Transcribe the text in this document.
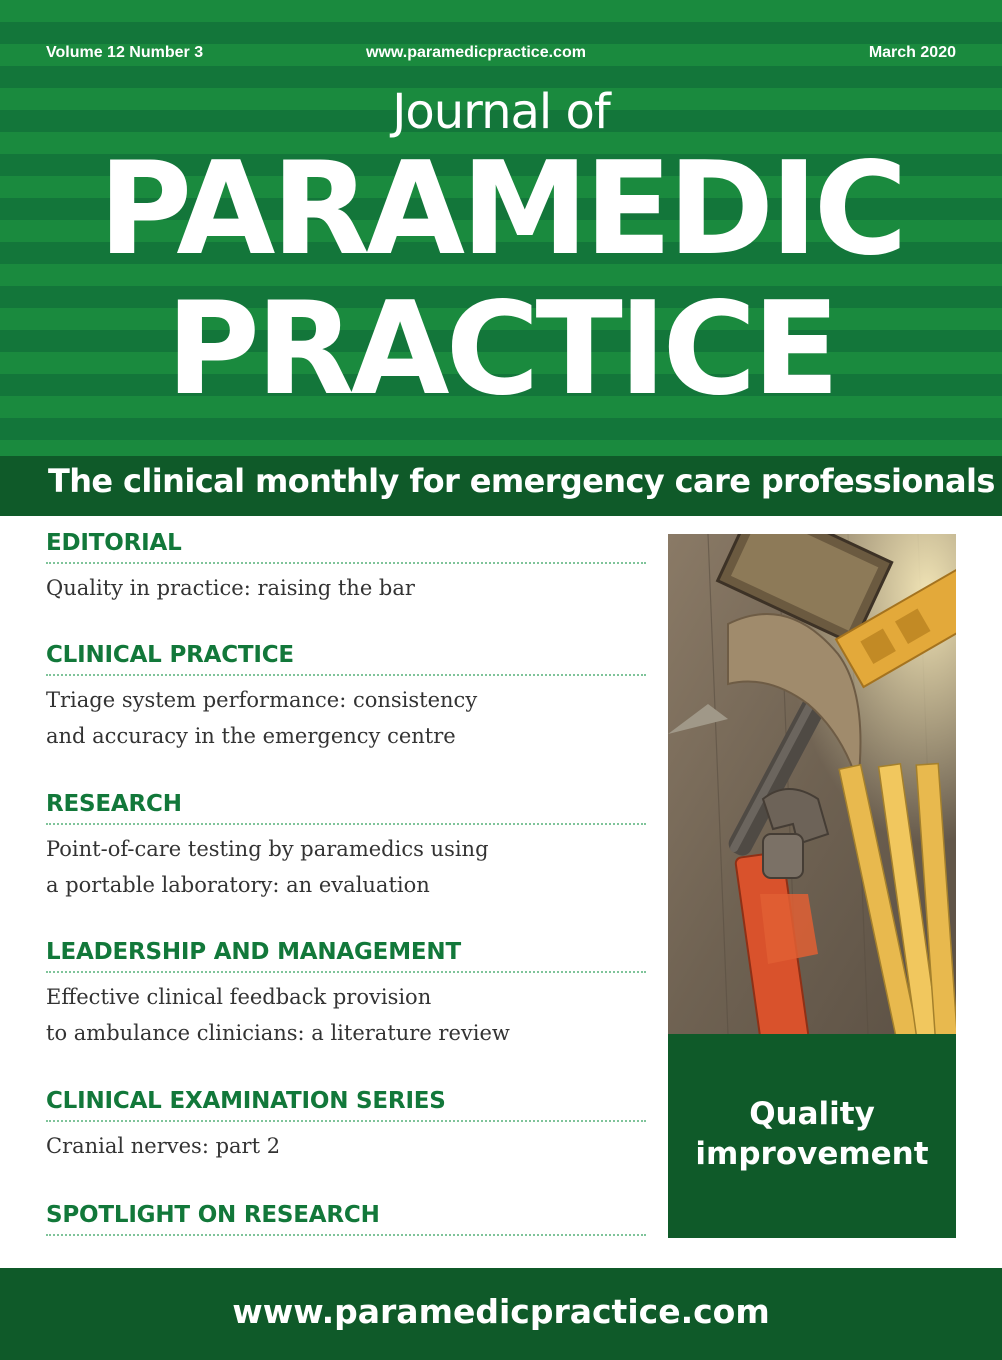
Volume 12 Number 3	www.paramedicpractice.com	March 2020
Journal of
PARAMEDIC
PRACTICE
The clinical monthly for emergency care professionals
EDITORIAL
Quality in practice: raising the bar
CLINICAL PRACTICE
Triage system performance: consistency
and accuracy in the emergency centre
RESEARCH
Point-of-care testing by paramedics using
a portable laboratory: an evaluation
LEADERSHIP AND MANAGEMENT
Effective clinical feedback provision
to ambulance clinicians: a literature review
CLINICAL EXAMINATION SERIES
Cranial nerves: part 2
SPOTLIGHT ON RESEARCH
Quality
improvement
www.paramedicpractice.com
